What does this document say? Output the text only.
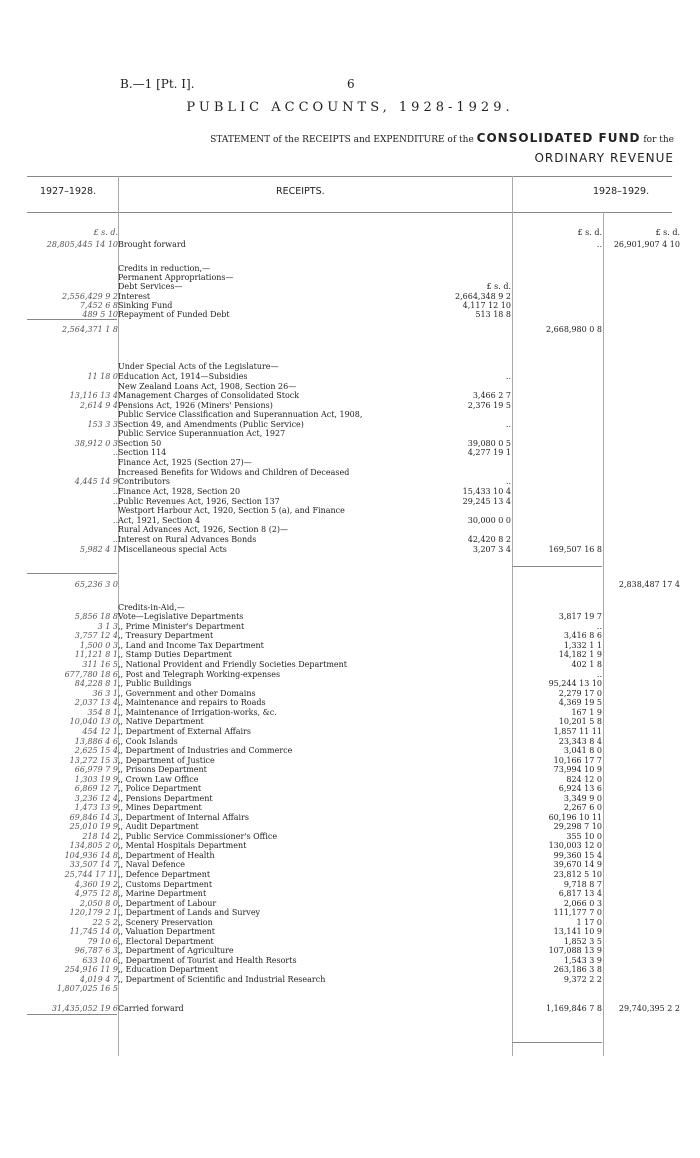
B.—1 [Pt. I].	6
PUBLIC ACCOUNTS, 1928-1929.
STATEMENT of the RECEIPTS and EXPENDITURE of the CONSOLIDATED FUND for the
ORDINARY REVENUE
1927–1928.	RECEIPTS.	1928–1929.
£ s. d.	£ s. d.	£ s. d.
28,805,445 14 10 Brought forward	.. 26,901,907 4 10
Credits in reduction,—
Permanent Appropriations—
Debt Services—	£ s. d.
2,556,429 9 2 Interest	2,664,348 9 2
7,452 6 8 Sinking Fund	4,117 12 10
489 5 10 Repayment of Funded Debt	513 18 8
2,564,371 1 8	2,668,980 0 8
Under Special Acts of the Legislature—
11 18 0 Education Act, 1914—Subsidies	..
New Zealand Loans Act, 1908, Section 26—
13,116 13 4 Management Charges of Consolidated Stock	3,466 2 7
2,614 9 4 Pensions Act, 1926 (Miners' Pensions)	2,376 19 5
Public Service Classification and Superannuation Act, 1908,
153 3 3 Section 49, and Amendments (Public Service)	..
Public Service Superannuation Act, 1927
38,912 0 3 Section 50	39,080 0 5
.. Section 114	4,277 19 1
Finance Act, 1925 (Section 27)—
Increased Benefits for Widows and Children of Deceased
4,445 14 9 Contributors	..
.. Finance Act, 1928, Section 20	15,433 10 4
.. Public Revenues Act, 1926, Section 137	29,245 13 4
Westport Harbour Act, 1920, Section 5 (a), and Finance
.. Act, 1921, Section 4	30,000 0 0
Rural Advances Act, 1926, Section 8 (2)—
.. Interest on Rural Advances Bonds	42,420 8 2
5,982 4 1 Miscellaneous special Acts	3,207 3 4	169,507 16 8
65,236 3 0	2,838,487 17 4
Credits-in-Aid,—
5,856 18 8 Vote—Legislative Departments	3,817 19 7
3 1 3 ,, Prime Minister's Department	..
3,757 12 4 ,, Treasury Department	3,416 8 6
1,500 0 3 ,, Land and Income Tax Department	1,332 1 1
11,121 8 1 ,, Stamp Duties Department	14,182 1 9
311 16 5 ,, National Provident and Friendly Societies Department	402 1 8
677,780 18 6 ,, Post and Telegraph Working-expenses	..
84,228 8 1 ,, Public Buildings	95,244 13 10
36 3 1 ,, Government and other Domains	2,279 17 0
2,037 13 4 ,, Maintenance and repairs to Roads	4,369 19 5
354 8 1 ,, Maintenance of Irrigation-works, &c.	167 1 9
10,040 13 0 ,, Native Department	10,201 5 8
454 12 1 ,, Department of External Affairs	1,857 11 11
13,886 4 6 ,, Cook Islands	23,343 8 4
2,625 15 4 ,, Department of Industries and Commerce	3,041 8 0
13,272 15 3 ,, Department of Justice	10,166 17 7
66,979 7 9 ,, Prisons Department	73,994 10 9
1,303 19 9 ,, Crown Law Office	824 12 0
6,869 12 7 ,, Police Department	6,924 13 6
3,236 12 4 ,, Pensions Department	3,349 9 0
1,473 13 9 ,, Mines Department	2,267 6 0
69,846 14 3 ,, Department of Internal Affairs	60,196 10 11
25,010 19 9 ,, Audit Department	29,298 7 10
218 14 2 ,, Public Service Commissioner's Office	355 10 0
134,805 2 0 ,, Mental Hospitals Department	130,003 12 0
104,936 14 8 ,, Department of Health	99,360 15 4
33,507 14 7 ,, Naval Defence	39,670 14 9
25,744 17 11 ,, Defence Department	23,812 5 10
4,360 19 2 ,, Customs Department	9,718 8 7
4,975 12 8 ,, Marine Department	6,817 13 4
2,050 8 0 ,, Department of Labour	2,066 0 3
120,179 2 1 ,, Department of Lands and Survey	111,177 7 0
22 5 2 ,, Scenery Preservation	1 17 0
11,745 14 0 ,, Valuation Department	13,141 10 9
79 10 6 ,, Electoral Department	1,852 3 5
96,787 6 3 ,, Department of Agriculture	107,088 13 9
633 10 6 ,, Department of Tourist and Health Resorts	1,543 3 9
254,916 11 9 ,, Education Department	263,186 3 8
4,019 4 7 ,, Department of Scientific and Industrial Research	9,372 2 2
1,807,025 16 5
31,435,052 19 6 Carried forward	1,169,846 7 8 29,740,395 2 2
